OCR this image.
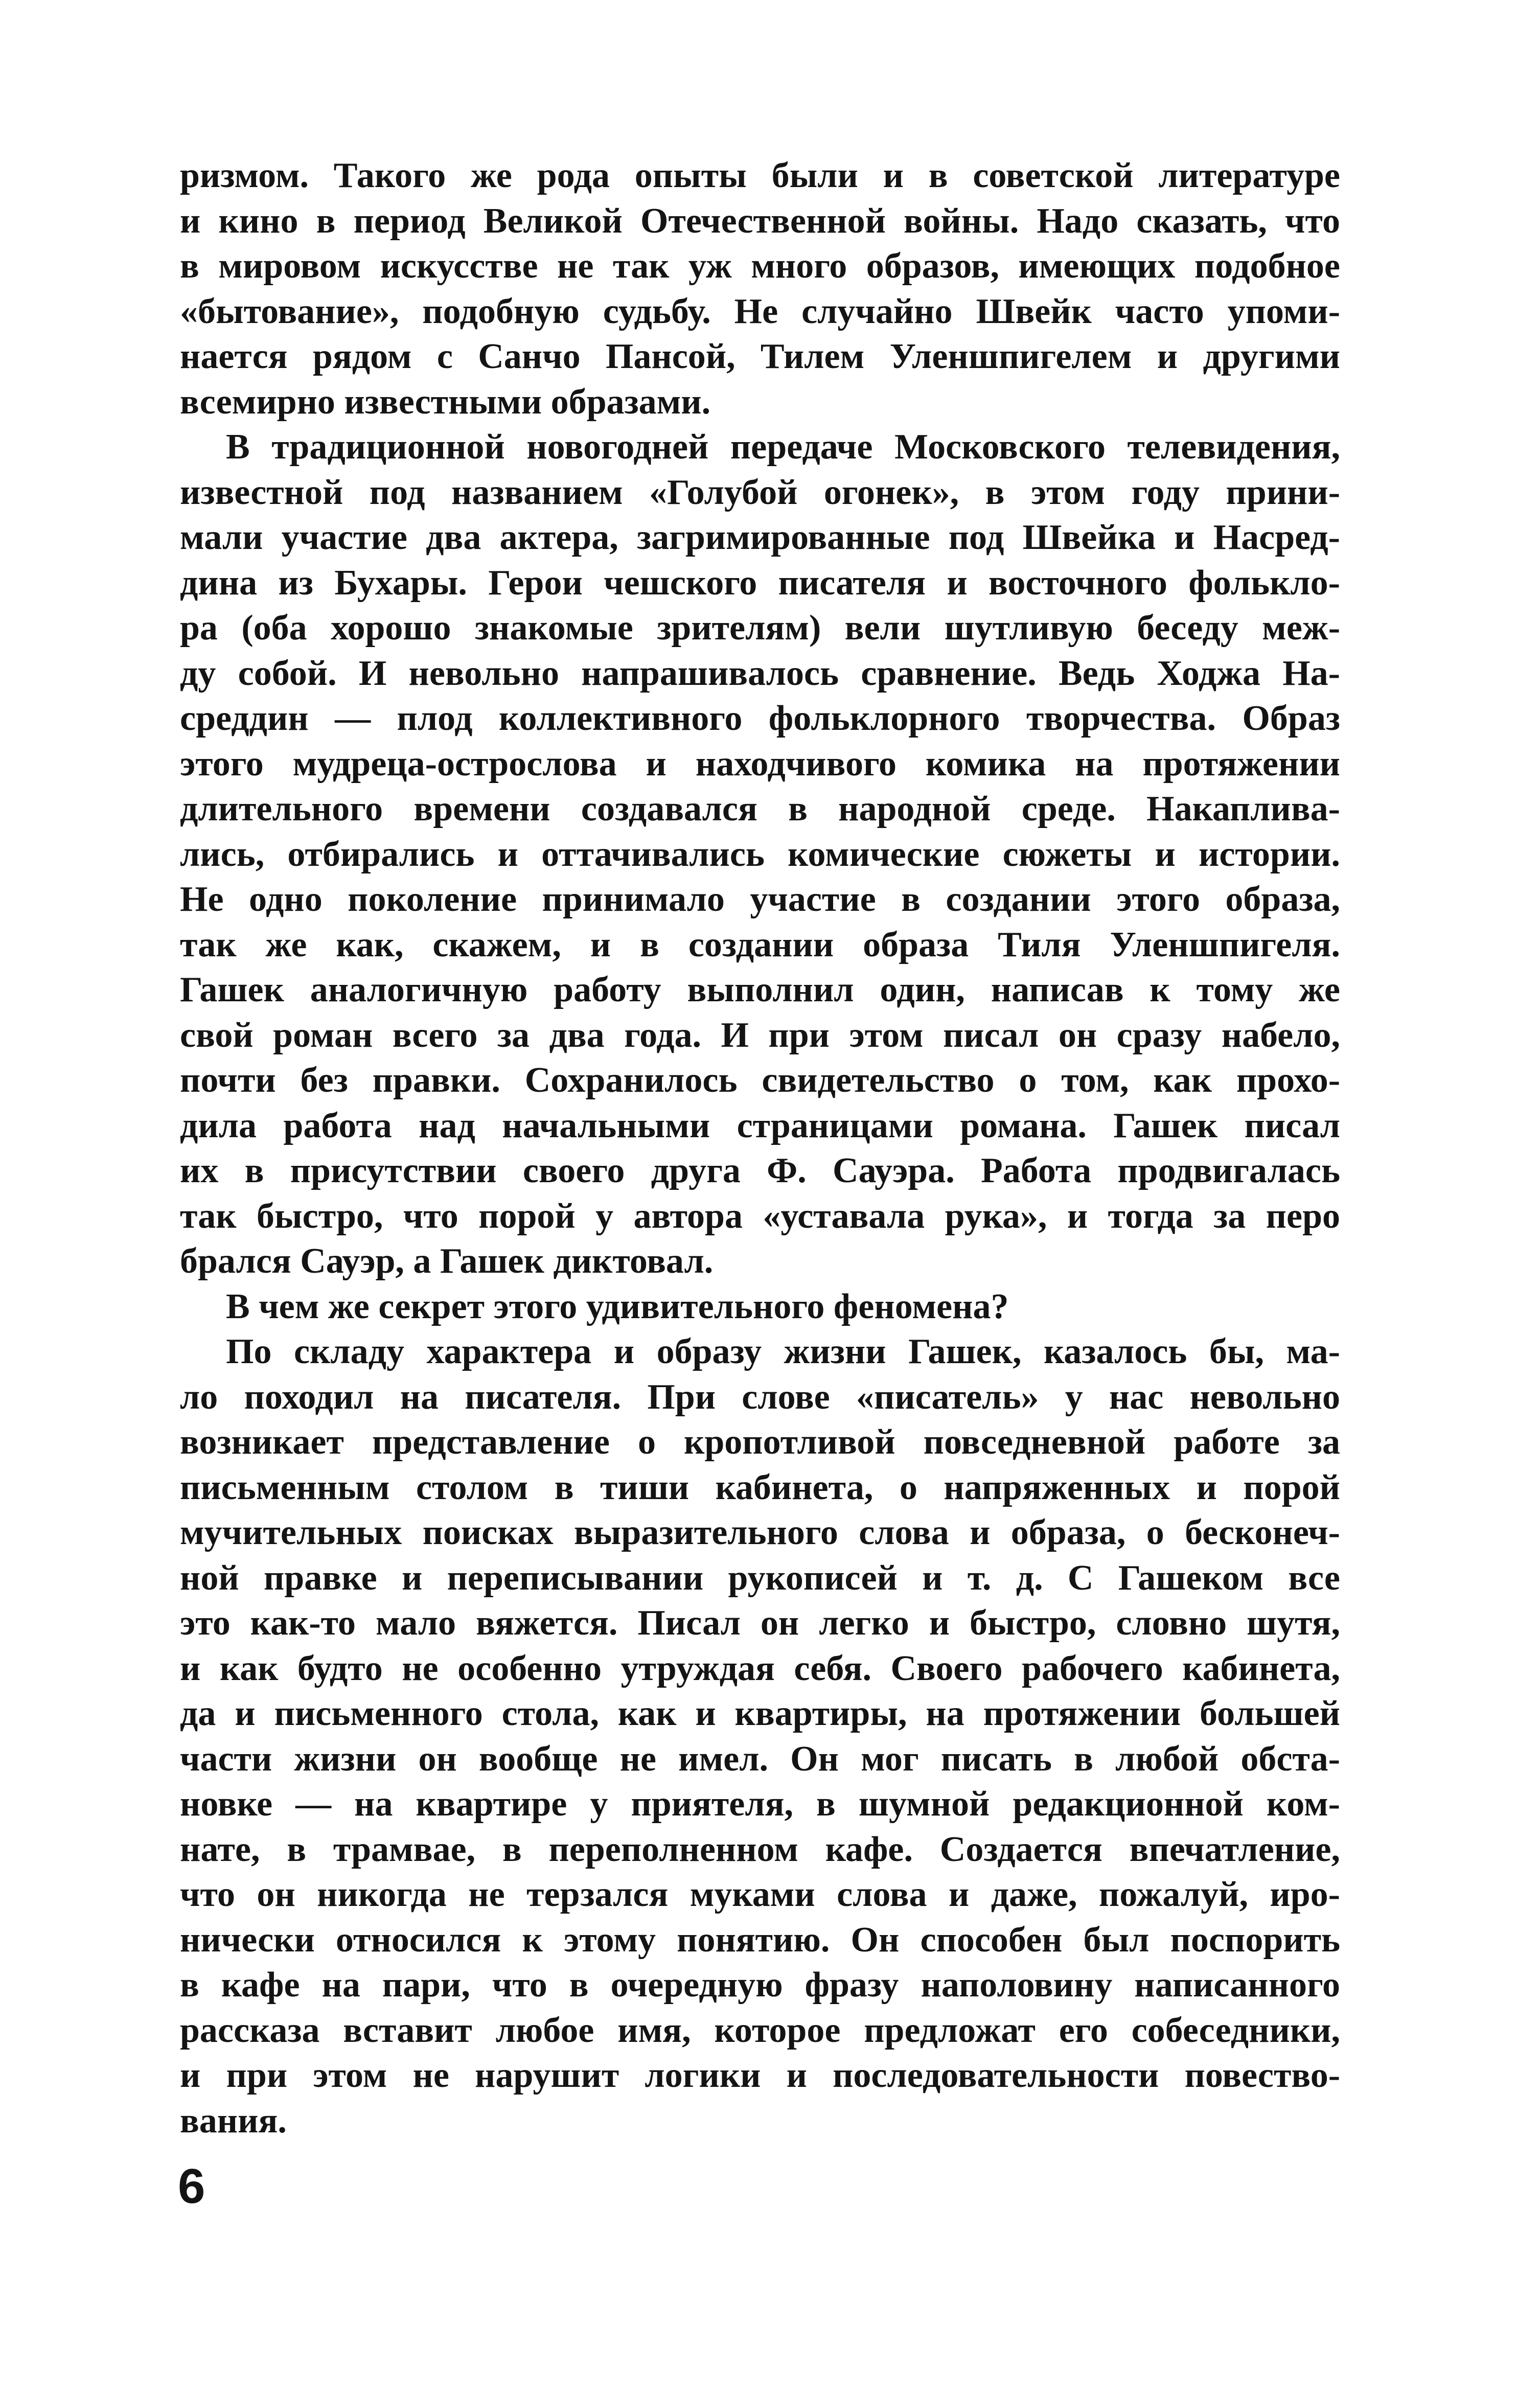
ризмом. Такого же рода опыты были и в советской литературе
и кино в период Великой Отечественной войны. Надо сказать, что
в мировом искусстве не так уж много образов, имеющих подобное
«бытование», подобную судьбу. Не случайно Швейк часто упоми-
нается рядом с Санчо Пансой, Тилем Уленшпигелем и другими
всемирно известными образами.
В традиционной новогодней передаче Московского телевидения,
известной под названием «Голубой огонек», в этом году прини-
мали участие два актера, загримированные под Швейка и Насред-
дина из Бухары. Герои чешского писателя и восточного фолькло-
ра (оба хорошо знакомые зрителям) вели шутливую беседу меж-
ду собой. И невольно напрашивалось сравнение. Ведь Ходжа На-
среддин — плод коллективного фольклорного творчества. Образ
этого мудреца-острослова и находчивого комика на протяжении
длительного времени создавался в народной среде. Накаплива-
лись, отбирались и оттачивались комические сюжеты и истории.
Не одно поколение принимало участие в создании этого образа,
так же как, скажем, и в создании образа Тиля Уленшпигеля.
Гашек аналогичную работу выполнил один, написав к тому же
свой роман всего за два года. И при этом писал он сразу набело,
почти без правки. Сохранилось свидетельство о том, как прохо-
дила работа над начальными страницами романа. Гашек писал
их в присутствии своего друга Ф. Сауэра. Работа продвигалась
так быстро, что порой у автора «уставала рука», и тогда за перо
брался Сауэр, а Гашек диктовал.
В чем же секрет этого удивительного феномена?
По складу характера и образу жизни Гашек, казалось бы, ма-
ло походил на писателя. При слове «писатель» у нас невольно
возникает представление о кропотливой повседневной работе за
письменным столом в тиши кабинета, о напряженных и порой
мучительных поисках выразительного слова и образа, о бесконеч-
ной правке и переписывании рукописей и т. д. С Гашеком все
это как-то мало вяжется. Писал он легко и быстро, словно шутя,
и как будто не особенно утруждая себя. Своего рабочего кабинета,
да и письменного стола, как и квартиры, на протяжении большей
части жизни он вообще не имел. Он мог писать в любой обста-
новке — на квартире у приятеля, в шумной редакционной ком-
нате, в трамвае, в переполненном кафе. Создается впечатление,
что он никогда не терзался муками слова и даже, пожалуй, иро-
нически относился к этому понятию. Он способен был поспорить
в кафе на пари, что в очередную фразу наполовину написанного
рассказа вставит любое имя, которое предложат его собеседники,
и при этом не нарушит логики и последовательности повество-
вания.
6
